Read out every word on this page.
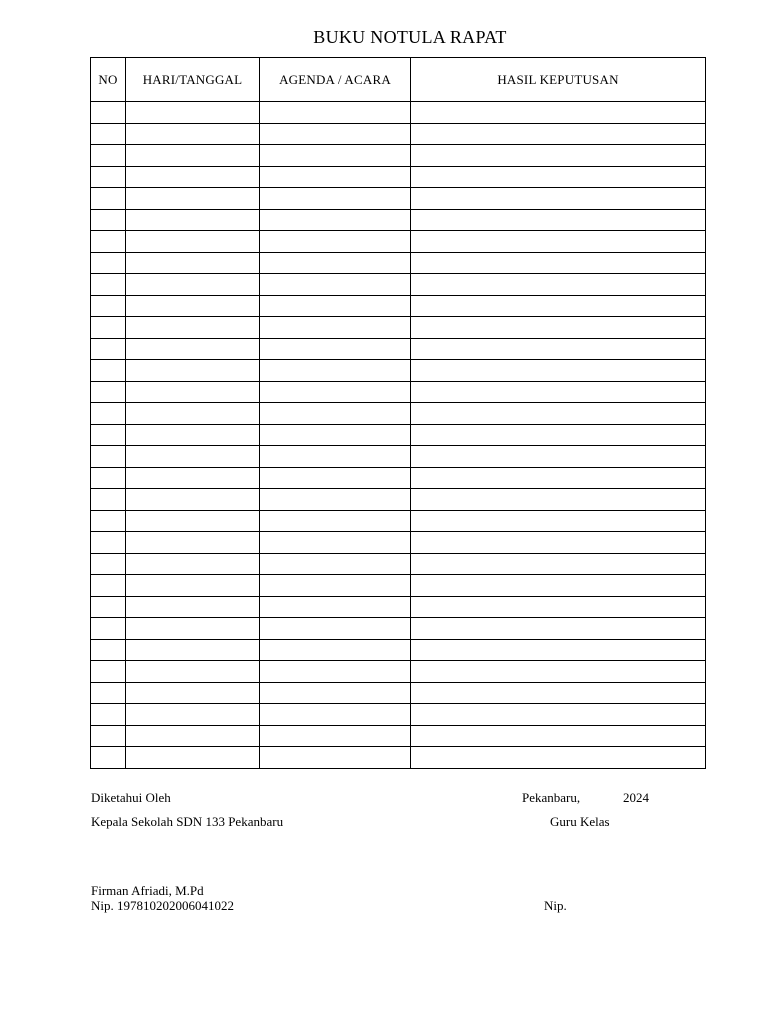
BUKU NOTULA RAPAT
NO	HARI/TANGGAL	AGENDA / ACARA	HASIL KEPUTUSAN

Diketahui Oleh
Kepala Sekolah SDN 133 Pekanbaru
Firman Afriadi, M.Pd
Nip. 197810202006041022
Pekanbaru,	2024
Guru Kelas
Nip.
